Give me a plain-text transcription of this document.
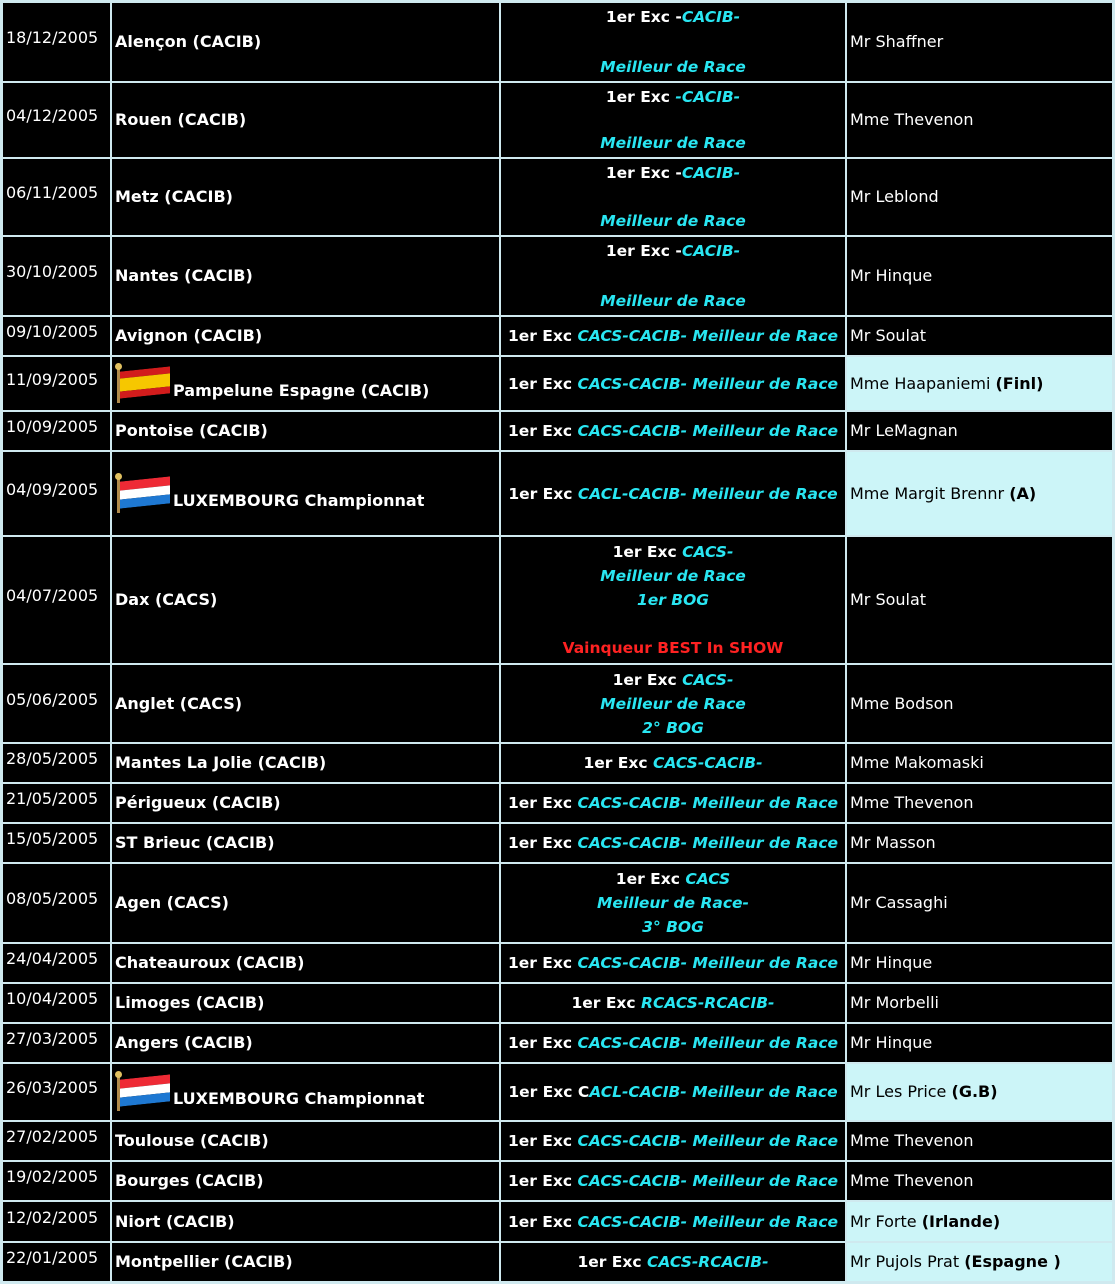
18/12/2005	Alençon (CACIB)	1er Exc -CACIB-
Meilleur de Race	Mr Shaffner
04/12/2005	Rouen (CACIB)	1er Exc -CACIB-
Meilleur de Race	Mme Thevenon
06/11/2005	Metz (CACIB)	1er Exc -CACIB-
Meilleur de Race	Mr Leblond
30/10/2005	Nantes (CACIB)	1er Exc -CACIB-
Meilleur de Race	Mr Hinque
09/10/2005	Avignon (CACIB)	1er Exc CACS-CACIB- Meilleur de Race	Mr Soulat
11/09/2005	Pampelune Espagne (CACIB)	1er Exc CACS-CACIB- Meilleur de Race	Mme Haapaniemi (Finl)
10/09/2005	Pontoise (CACIB)	1er Exc CACS-CACIB- Meilleur de Race	Mr LeMagnan
04/09/2005	LUXEMBOURG Championnat	1er Exc CACL-CACIB- Meilleur de Race	Mme Margit Brennr (A)
04/07/2005	Dax (CACS)	1er Exc CACS-
Meilleur de Race
1er BOG
Vainqueur BEST In SHOW	Mr Soulat
05/06/2005	Anglet (CACS)	1er Exc CACS-
Meilleur de Race
2° BOG	Mme Bodson
28/05/2005	Mantes La Jolie (CACIB)	1er Exc CACS-CACIB-	Mme Makomaski
21/05/2005	Périgueux (CACIB)	1er Exc CACS-CACIB- Meilleur de Race	Mme Thevenon
15/05/2005	ST Brieuc (CACIB)	1er Exc CACS-CACIB- Meilleur de Race	Mr Masson
08/05/2005	Agen (CACS)	1er Exc CACS
Meilleur de Race-
3° BOG	Mr Cassaghi
24/04/2005	Chateauroux (CACIB)	1er Exc CACS-CACIB- Meilleur de Race	Mr Hinque
10/04/2005	Limoges (CACIB)	1er Exc RCACS-RCACIB-	Mr Morbelli
27/03/2005	Angers (CACIB)	1er Exc CACS-CACIB- Meilleur de Race	Mr Hinque
26/03/2005	LUXEMBOURG Championnat	1er Exc CACL-CACIB- Meilleur de Race	Mr Les Price (G.B)
27/02/2005	Toulouse (CACIB)	1er Exc CACS-CACIB- Meilleur de Race	Mme Thevenon
19/02/2005	Bourges (CACIB)	1er Exc CACS-CACIB- Meilleur de Race	Mme Thevenon
12/02/2005	Niort (CACIB)	1er Exc CACS-CACIB- Meilleur de Race	Mr Forte (Irlande)
22/01/2005	Montpellier (CACIB)	1er Exc CACS-RCACIB-	Mr Pujols Prat (Espagne )
